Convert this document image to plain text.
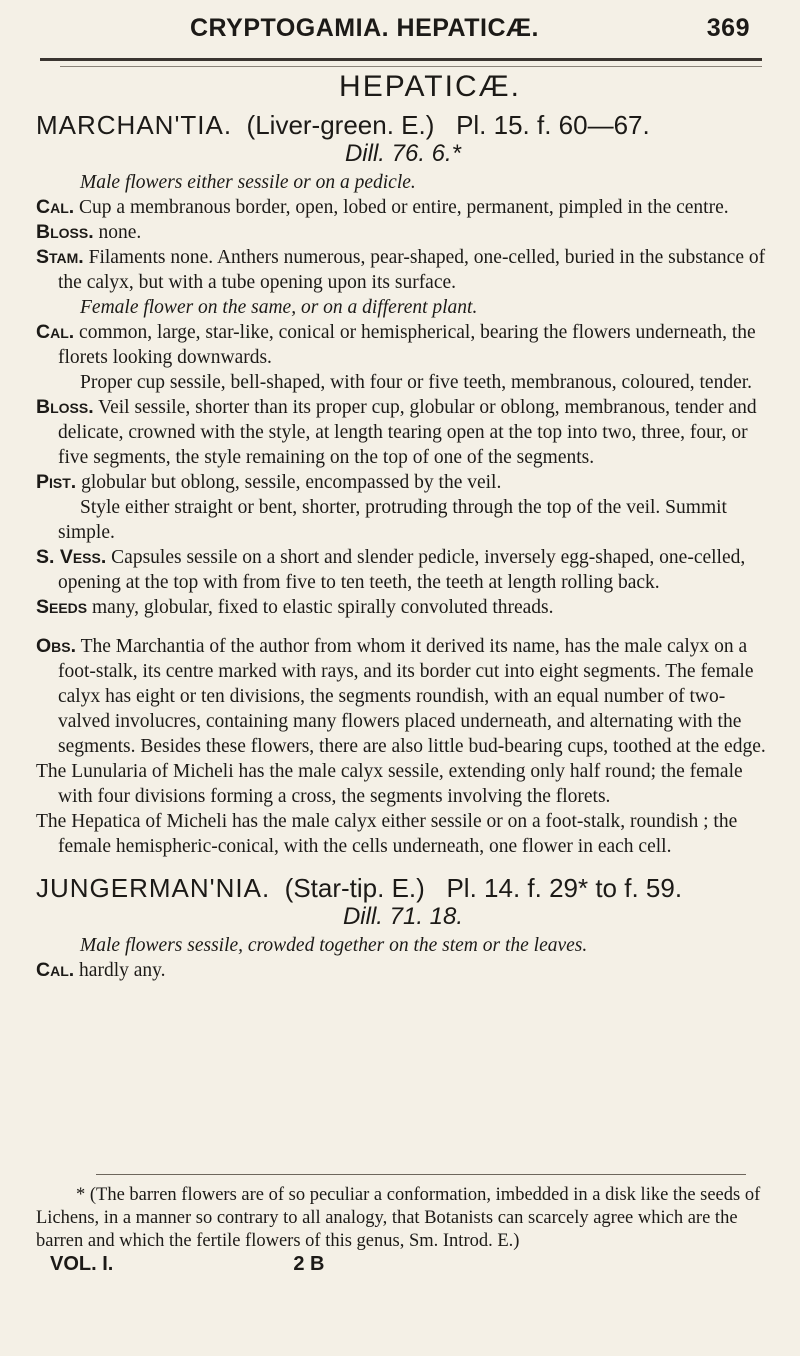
CRYPTOGAMIA. HEPATICÆ.	369
HEPATICÆ.
MARCHAN'TIA. (Liver-green. E.) Pl. 15. f. 60—67.
Dill. 76. 6.*

Male flowers either sessile or on a pedicle.

Cal. Cup a membranous border, open, lobed or entire, permanent, pimpled in the centre.

Bloss. none.

Stam. Filaments none. Anthers numerous, pear-shaped, one-celled, buried in the substance of the calyx, but with a tube opening upon its surface.

Female flower on the same, or on a different plant.

Cal. common, large, star-like, conical or hemispherical, bearing the flowers underneath, the florets looking downwards.

Proper cup sessile, bell-shaped, with four or five teeth, membranous, coloured, tender.

Bloss. Veil sessile, shorter than its proper cup, globular or oblong, membranous, tender and delicate, crowned with the style, at length tearing open at the top into two, three, four, or five segments, the style remaining on the top of one of the segments.

Pist. globular but oblong, sessile, encompassed by the veil.

Style either straight or bent, shorter, protruding through the top of the veil. Summit simple.

S. Vess. Capsules sessile on a short and slender pedicle, inversely egg-shaped, one-celled, opening at the top with from five to ten teeth, the teeth at length rolling back.

Seeds many, globular, fixed to elastic spirally convoluted threads.

Obs. The Marchantia of the author from whom it derived its name, has the male calyx on a foot-stalk, its centre marked with rays, and its border cut into eight segments. The female calyx has eight or ten divisions, the segments roundish, with an equal number of two-valved involucres, containing many flowers placed underneath, and alternating with the segments. Besides these flowers, there are also little bud-bearing cups, toothed at the edge.

The Lunularia of Micheli has the male calyx sessile, extending only half round; the female with four divisions forming a cross, the segments involving the florets.

The Hepatica of Micheli has the male calyx either sessile or on a foot-stalk, roundish ; the female hemispheric-conical, with the cells underneath, one flower in each cell.

JUNGERMAN'NIA. (Star-tip. E.) Pl. 14. f. 29* to f. 59.
Dill. 71. 18.

Male flowers sessile, crowded together on the stem or the leaves.

Cal. hardly any.

* (The barren flowers are of so peculiar a conformation, imbedded in a disk like the seeds of Lichens, in a manner so contrary to all analogy, that Botanists can scarcely agree which are the barren and which the fertile flowers of this genus, Sm. Introd. E.)

VOL. I.	2 B
